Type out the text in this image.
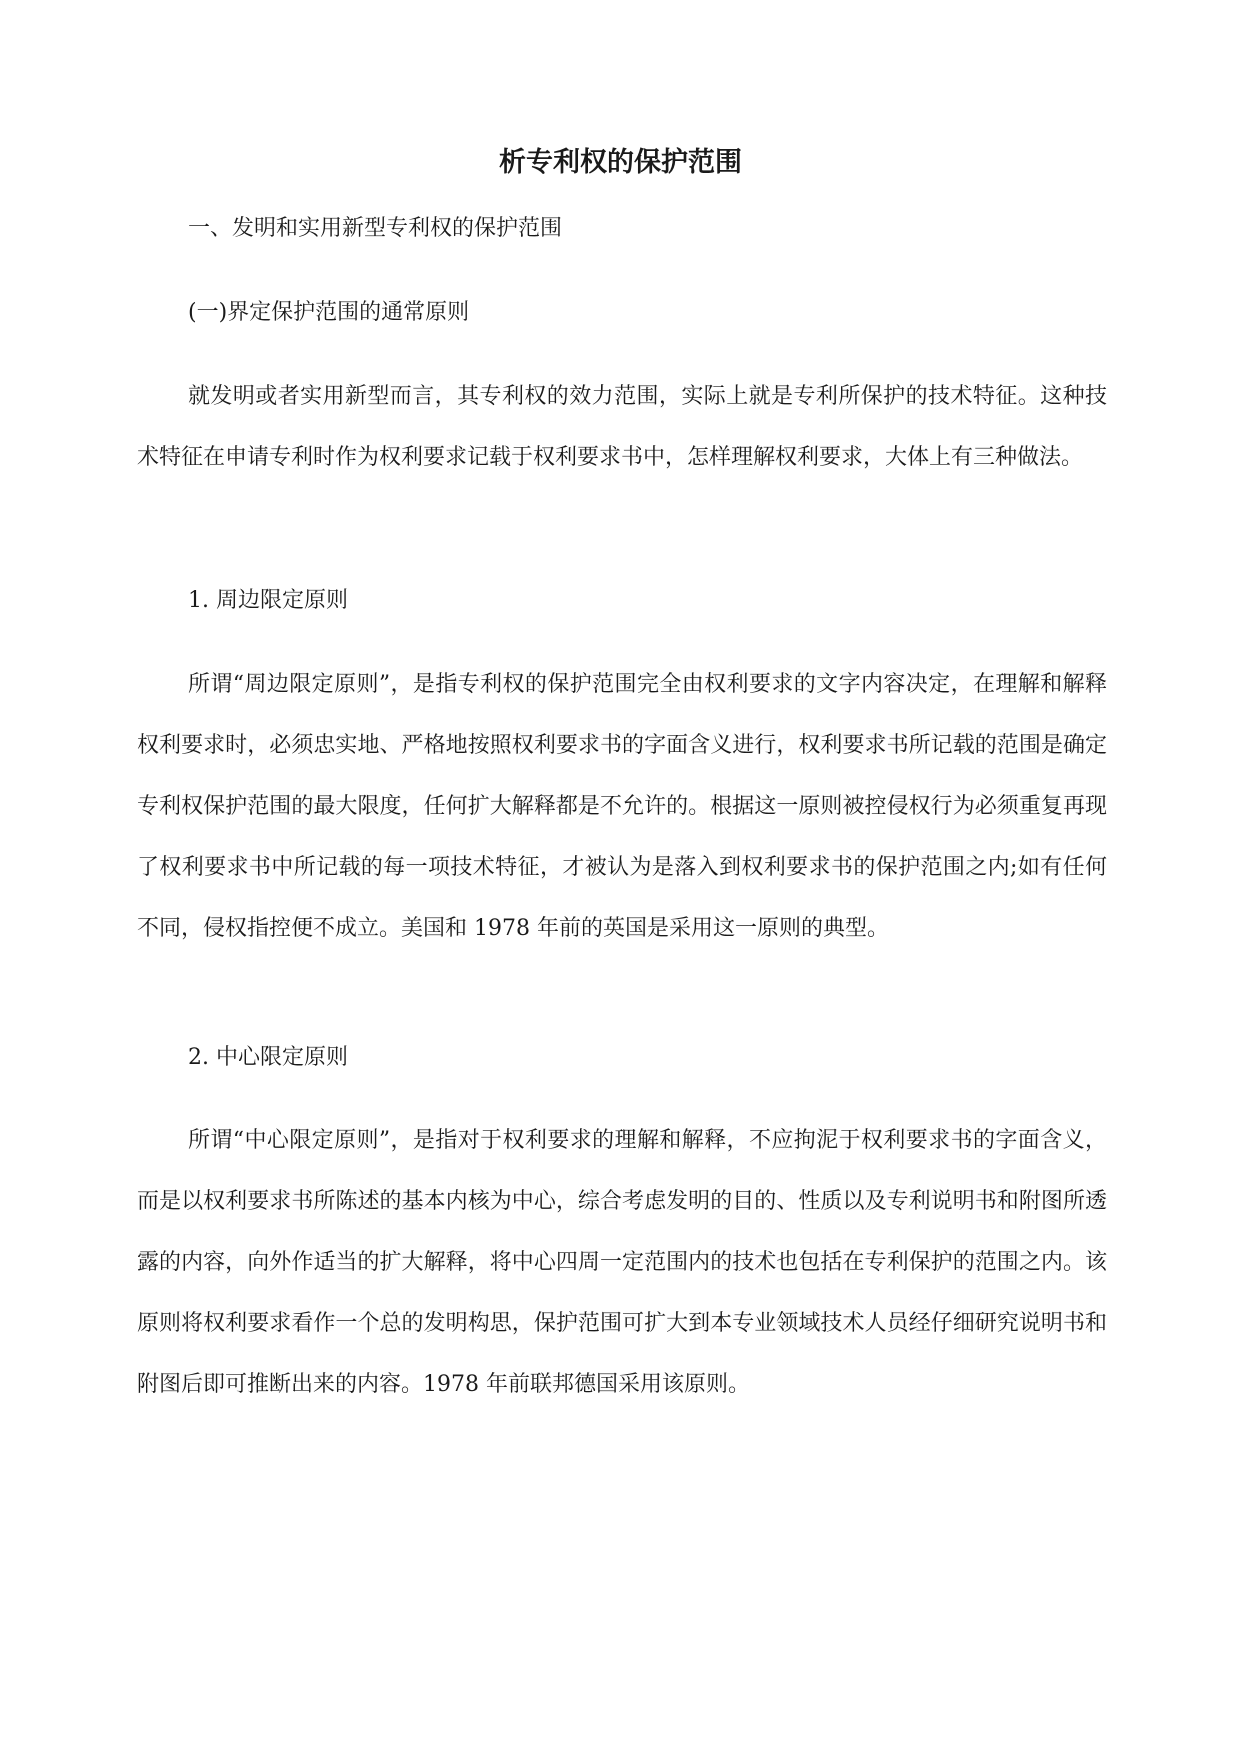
析专利权的保护范围
一、发明和实用新型专利权的保护范围
(一)界定保护范围的通常原则
就发明或者实用新型而言，其专利权的效力范围，实际上就是专利所保护的技术特征。这种技术特征在申请专利时作为权利要求记载于权利要求书中，怎样理解权利要求，大体上有三种做法。
1. 周边限定原则
所谓“周边限定原则”，是指专利权的保护范围完全由权利要求的文字内容决定，在理解和解释权利要求时，必须忠实地、严格地按照权利要求书的字面含义进行，权利要求书所记载的范围是确定专利权保护范围的最大限度，任何扩大解释都是不允许的。根据这一原则被控侵权行为必须重复再现了权利要求书中所记载的每一项技术特征，才被认为是落入到权利要求书的保护范围之内;如有任何不同，侵权指控便不成立。美国和 1978 年前的英国是采用这一原则的典型。
2. 中心限定原则
所谓“中心限定原则”，是指对于权利要求的理解和解释，不应拘泥于权利要求书的字面含义，而是以权利要求书所陈述的基本内核为中心，综合考虑发明的目的、性质以及专利说明书和附图所透露的内容，向外作适当的扩大解释，将中心四周一定范围内的技术也包括在专利保护的范围之内。该原则将权利要求看作一个总的发明构思，保护范围可扩大到本专业领域技术人员经仔细研究说明书和附图后即可推断出来的内容。1978 年前联邦德国采用该原则。
